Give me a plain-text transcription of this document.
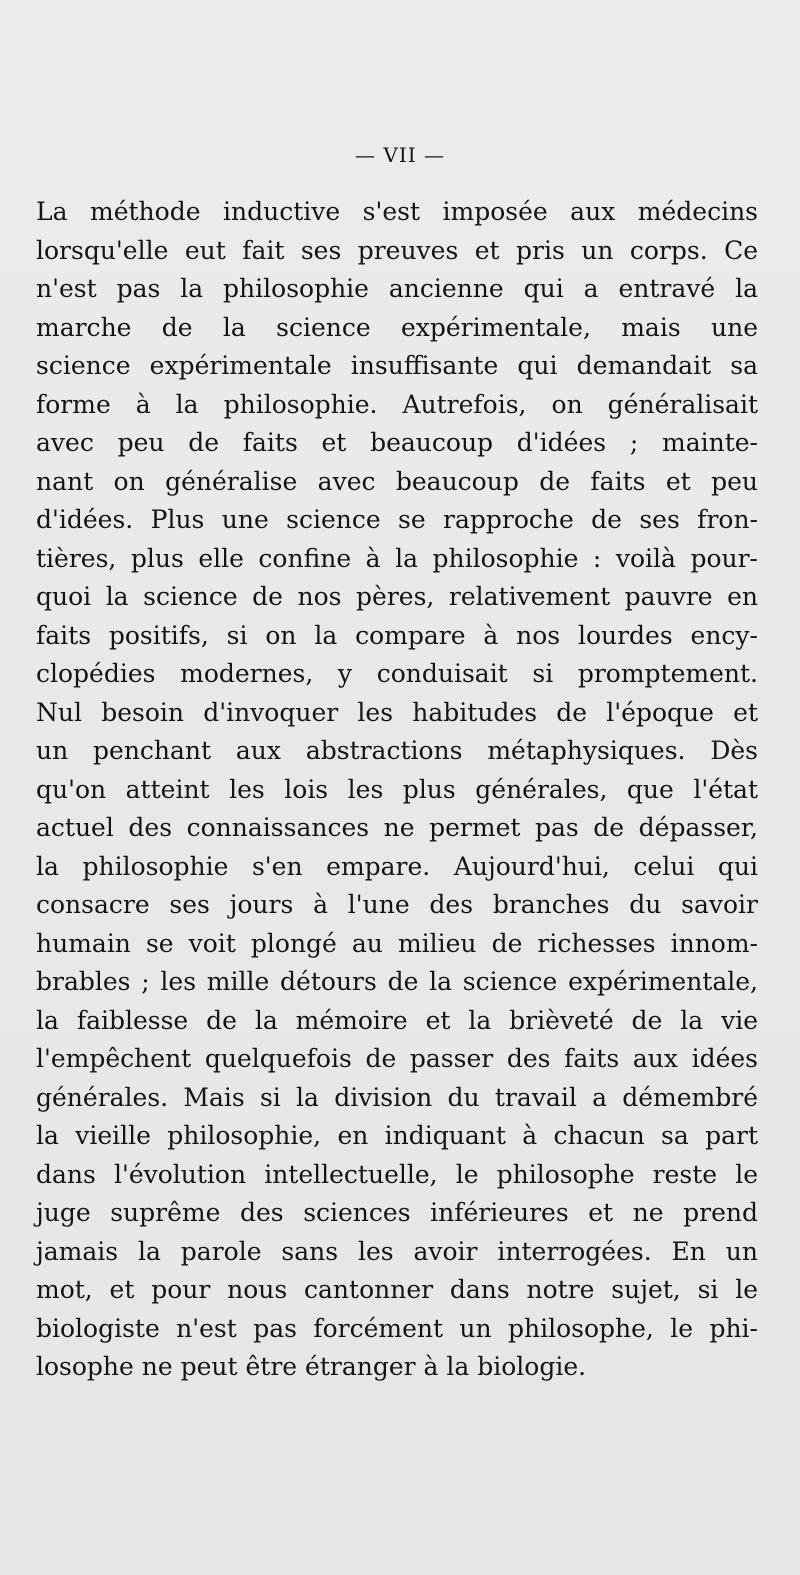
— VII —
La méthode inductive s'est imposée aux médecins
lorsqu'elle eut fait ses preuves et pris un corps. Ce
n'est pas la philosophie ancienne qui a entravé la
marche de la science expérimentale, mais une
science expérimentale insuffisante qui demandait sa
forme à la philosophie. Autrefois, on généralisait
avec peu de faits et beaucoup d'idées ; mainte-
nant on généralise avec beaucoup de faits et peu
d'idées. Plus une science se rapproche de ses fron-
tières, plus elle confine à la philosophie : voilà pour-
quoi la science de nos pères, relativement pauvre en
faits positifs, si on la compare à nos lourdes ency-
clopédies modernes, y conduisait si promptement.
Nul besoin d'invoquer les habitudes de l'époque et
un penchant aux abstractions métaphysiques. Dès
qu'on atteint les lois les plus générales, que l'état
actuel des connaissances ne permet pas de dépasser,
la philosophie s'en empare. Aujourd'hui, celui qui
consacre ses jours à l'une des branches du savoir
humain se voit plongé au milieu de richesses innom-
brables ; les mille détours de la science expérimentale,
la faiblesse de la mémoire et la brièveté de la vie
l'empêchent quelquefois de passer des faits aux idées
générales. Mais si la division du travail a démembré
la vieille philosophie, en indiquant à chacun sa part
dans l'évolution intellectuelle, le philosophe reste le
juge suprême des sciences inférieures et ne prend
jamais la parole sans les avoir interrogées. En un
mot, et pour nous cantonner dans notre sujet, si le
biologiste n'est pas forcément un philosophe, le phi-
losophe ne peut être étranger à la biologie.
